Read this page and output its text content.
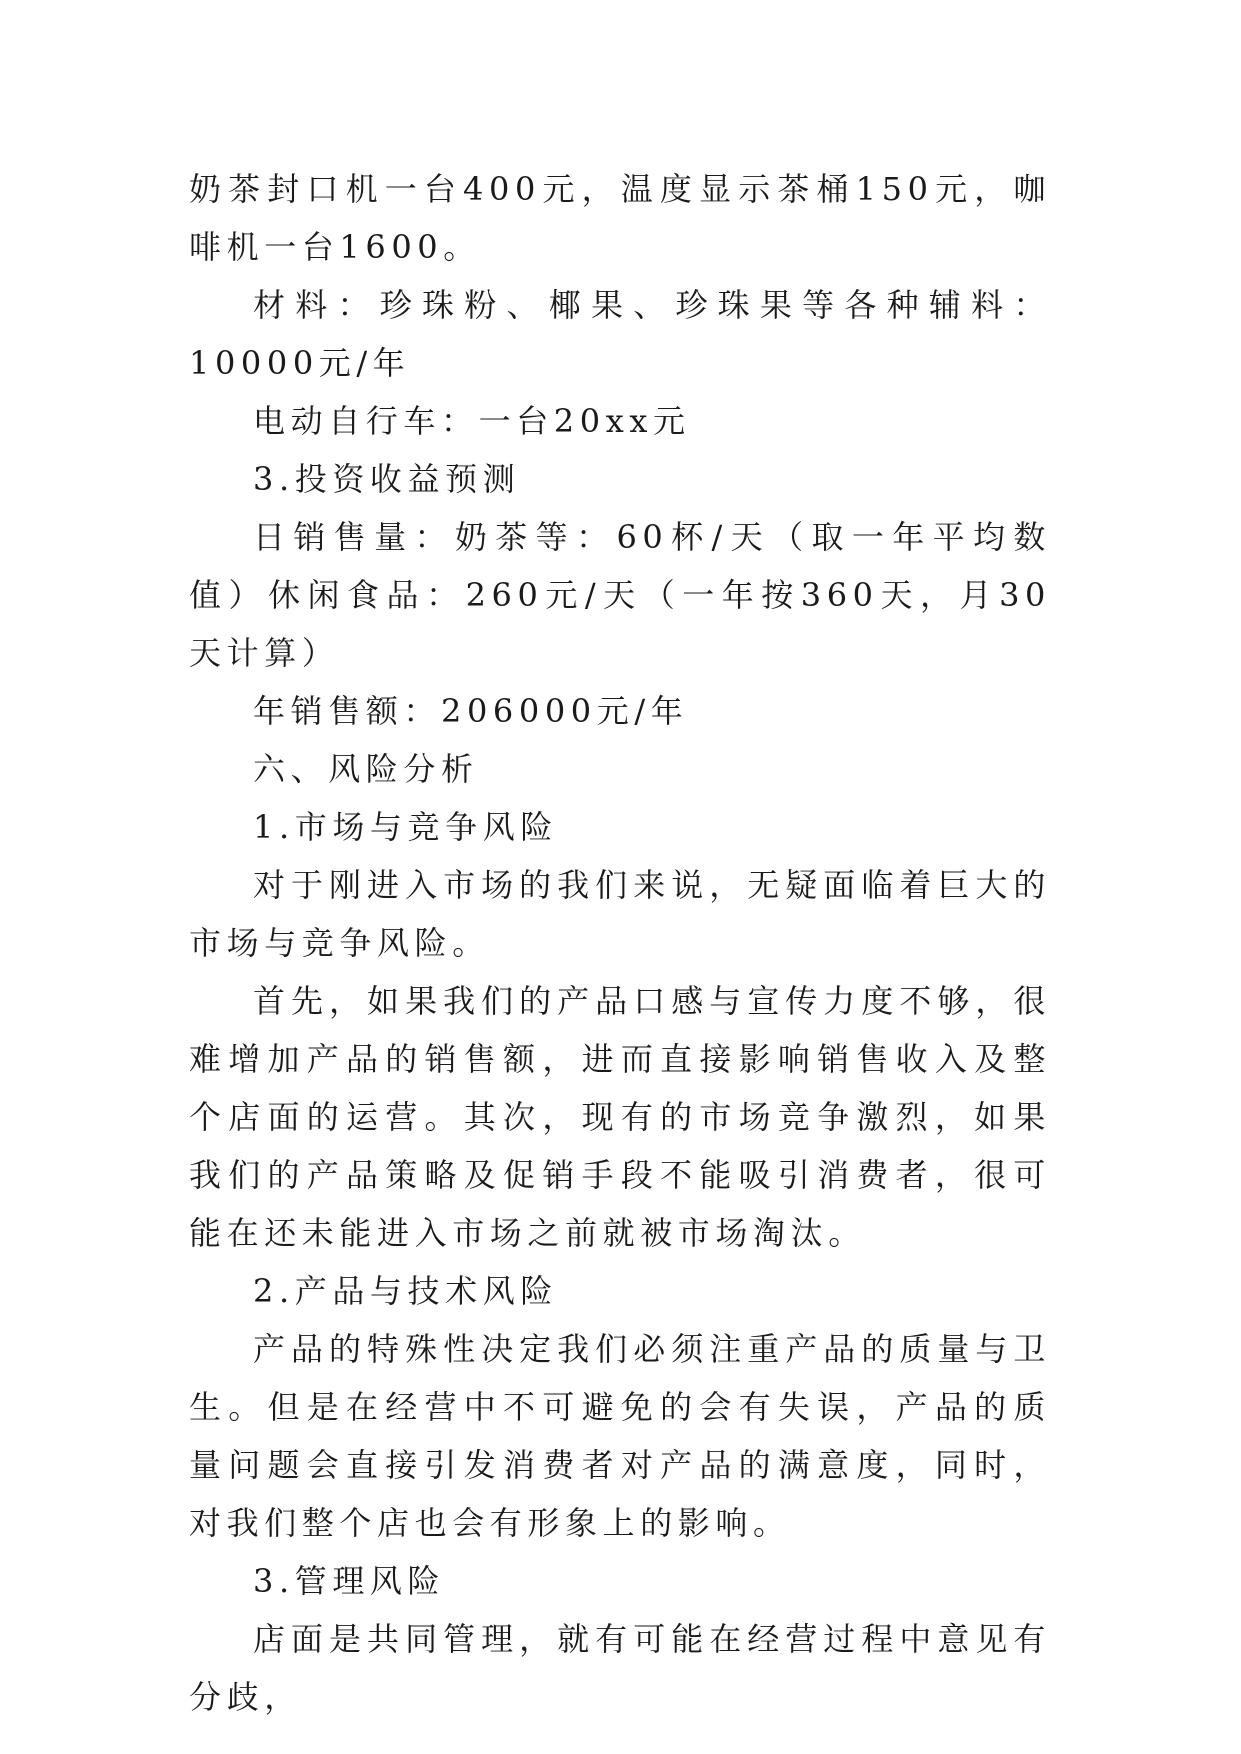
奶茶封口机一台400元，温度显示茶桶150元，咖啡机一台1600。

材料：珍珠粉、椰果、珍珠果等各种辅料：10000元/年

电动自行车：一台20xx元

3.投资收益预测

日销售量：奶茶等：60杯/天（取一年平均数值）休闲食品：260元/天（一年按360天，月30天计算）

年销售额：206000元/年

六、风险分析

1.市场与竞争风险

对于刚进入市场的我们来说，无疑面临着巨大的市场与竞争风险。

首先，如果我们的产品口感与宣传力度不够，很难增加产品的销售额，进而直接影响销售收入及整个店面的运营。其次，现有的市场竞争激烈，如果我们的产品策略及促销手段不能吸引消费者，很可能在还未能进入市场之前就被市场淘汰。

2.产品与技术风险

产品的特殊性决定我们必须注重产品的质量与卫生。但是在经营中不可避免的会有失误，产品的质量问题会直接引发消费者对产品的满意度，同时，对我们整个店也会有形象上的影响。

3.管理风险

店面是共同管理，就有可能在经营过程中意见有分歧，
